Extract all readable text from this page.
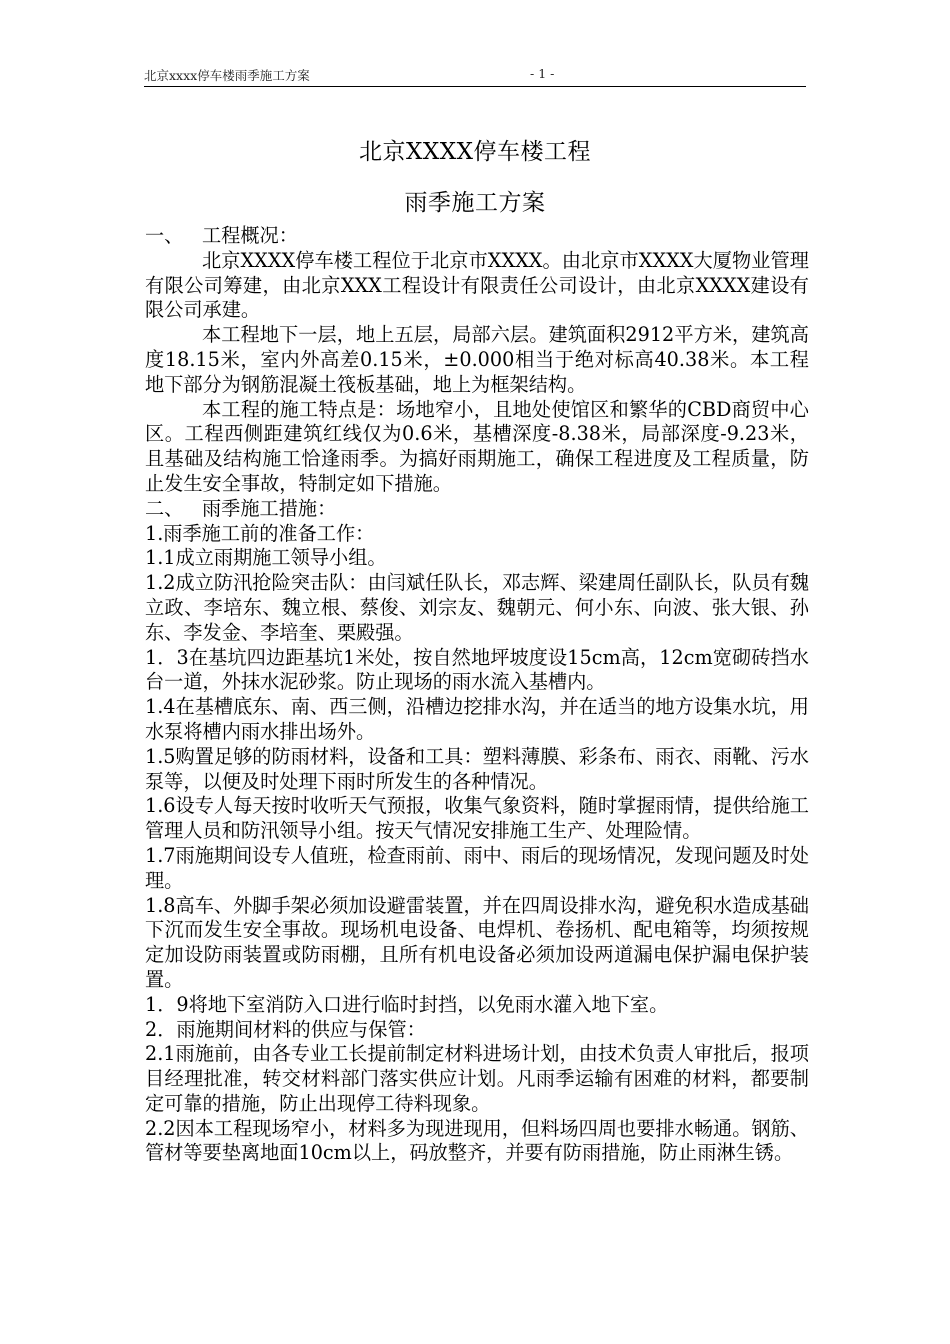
北京xxxx停车楼雨季施工方案	- 1 -
北京XXXX停车楼工程
雨季施工方案
一、 工程概况：

北京XXXX停车楼工程位于北京市XXXX。由北京市XXXX大厦物业管理有限公司筹建，由北京XXX工程设计有限责任公司设计，由北京XXXX建设有限公司承建。

本工程地下一层，地上五层，局部六层。建筑面积2912平方米，建筑高度18.15米，室内外高差0.15米，±0.000相当于绝对标高40.38米。本工程地下部分为钢筋混凝土筏板基础，地上为框架结构。

本工程的施工特点是：场地窄小，且地处使馆区和繁华的CBD商贸中心区。工程西侧距建筑红线仅为0.6米，基槽深度-8.38米，局部深度-9.23米，且基础及结构施工恰逢雨季。为搞好雨期施工，确保工程进度及工程质量，防止发生安全事故，特制定如下措施。

二、 雨季施工措施：

1.雨季施工前的准备工作：

1.1成立雨期施工领导小组。

1.2成立防汛抢险突击队：由闫斌任队长，邓志辉、梁建周任副队长，队员有魏立政、李培东、魏立根、蔡俊、刘宗友、魏朝元、何小东、向波、张大银、孙东、李发金、李培奎、栗殿强。

1．3在基坑四边距基坑1米处，按自然地坪坡度设15cm高，12cm宽砌砖挡水台一道，外抹水泥砂浆。防止现场的雨水流入基槽内。

1.4在基槽底东、南、西三侧，沿槽边挖排水沟，并在适当的地方设集水坑，用水泵将槽内雨水排出场外。

1.5购置足够的防雨材料，设备和工具：塑料薄膜、彩条布、雨衣、雨靴、污水泵等，以便及时处理下雨时所发生的各种情况。

1.6设专人每天按时收听天气预报，收集气象资料，随时掌握雨情，提供给施工管理人员和防汛领导小组。按天气情况安排施工生产、处理险情。

1.7雨施期间设专人值班，检查雨前、雨中、雨后的现场情况，发现问题及时处理。

1.8高车、外脚手架必须加设避雷装置，并在四周设排水沟，避免积水造成基础下沉而发生安全事故。现场机电设备、电焊机、卷扬机、配电箱等，均须按规定加设防雨装置或防雨棚，且所有机电设备必须加设两道漏电保护漏电保护装置。

1．9将地下室消防入口进行临时封挡，以免雨水灌入地下室。

2．雨施期间材料的供应与保管：

2.1雨施前，由各专业工长提前制定材料进场计划，由技术负责人审批后，报项目经理批准，转交材料部门落实供应计划。凡雨季运输有困难的材料，都要制定可靠的措施，防止出现停工待料现象。

2.2因本工程现场窄小，材料多为现进现用，但料场四周也要排水畅通。钢筋、管材等要垫离地面10cm以上，码放整齐，并要有防雨措施，防止雨淋生锈。
